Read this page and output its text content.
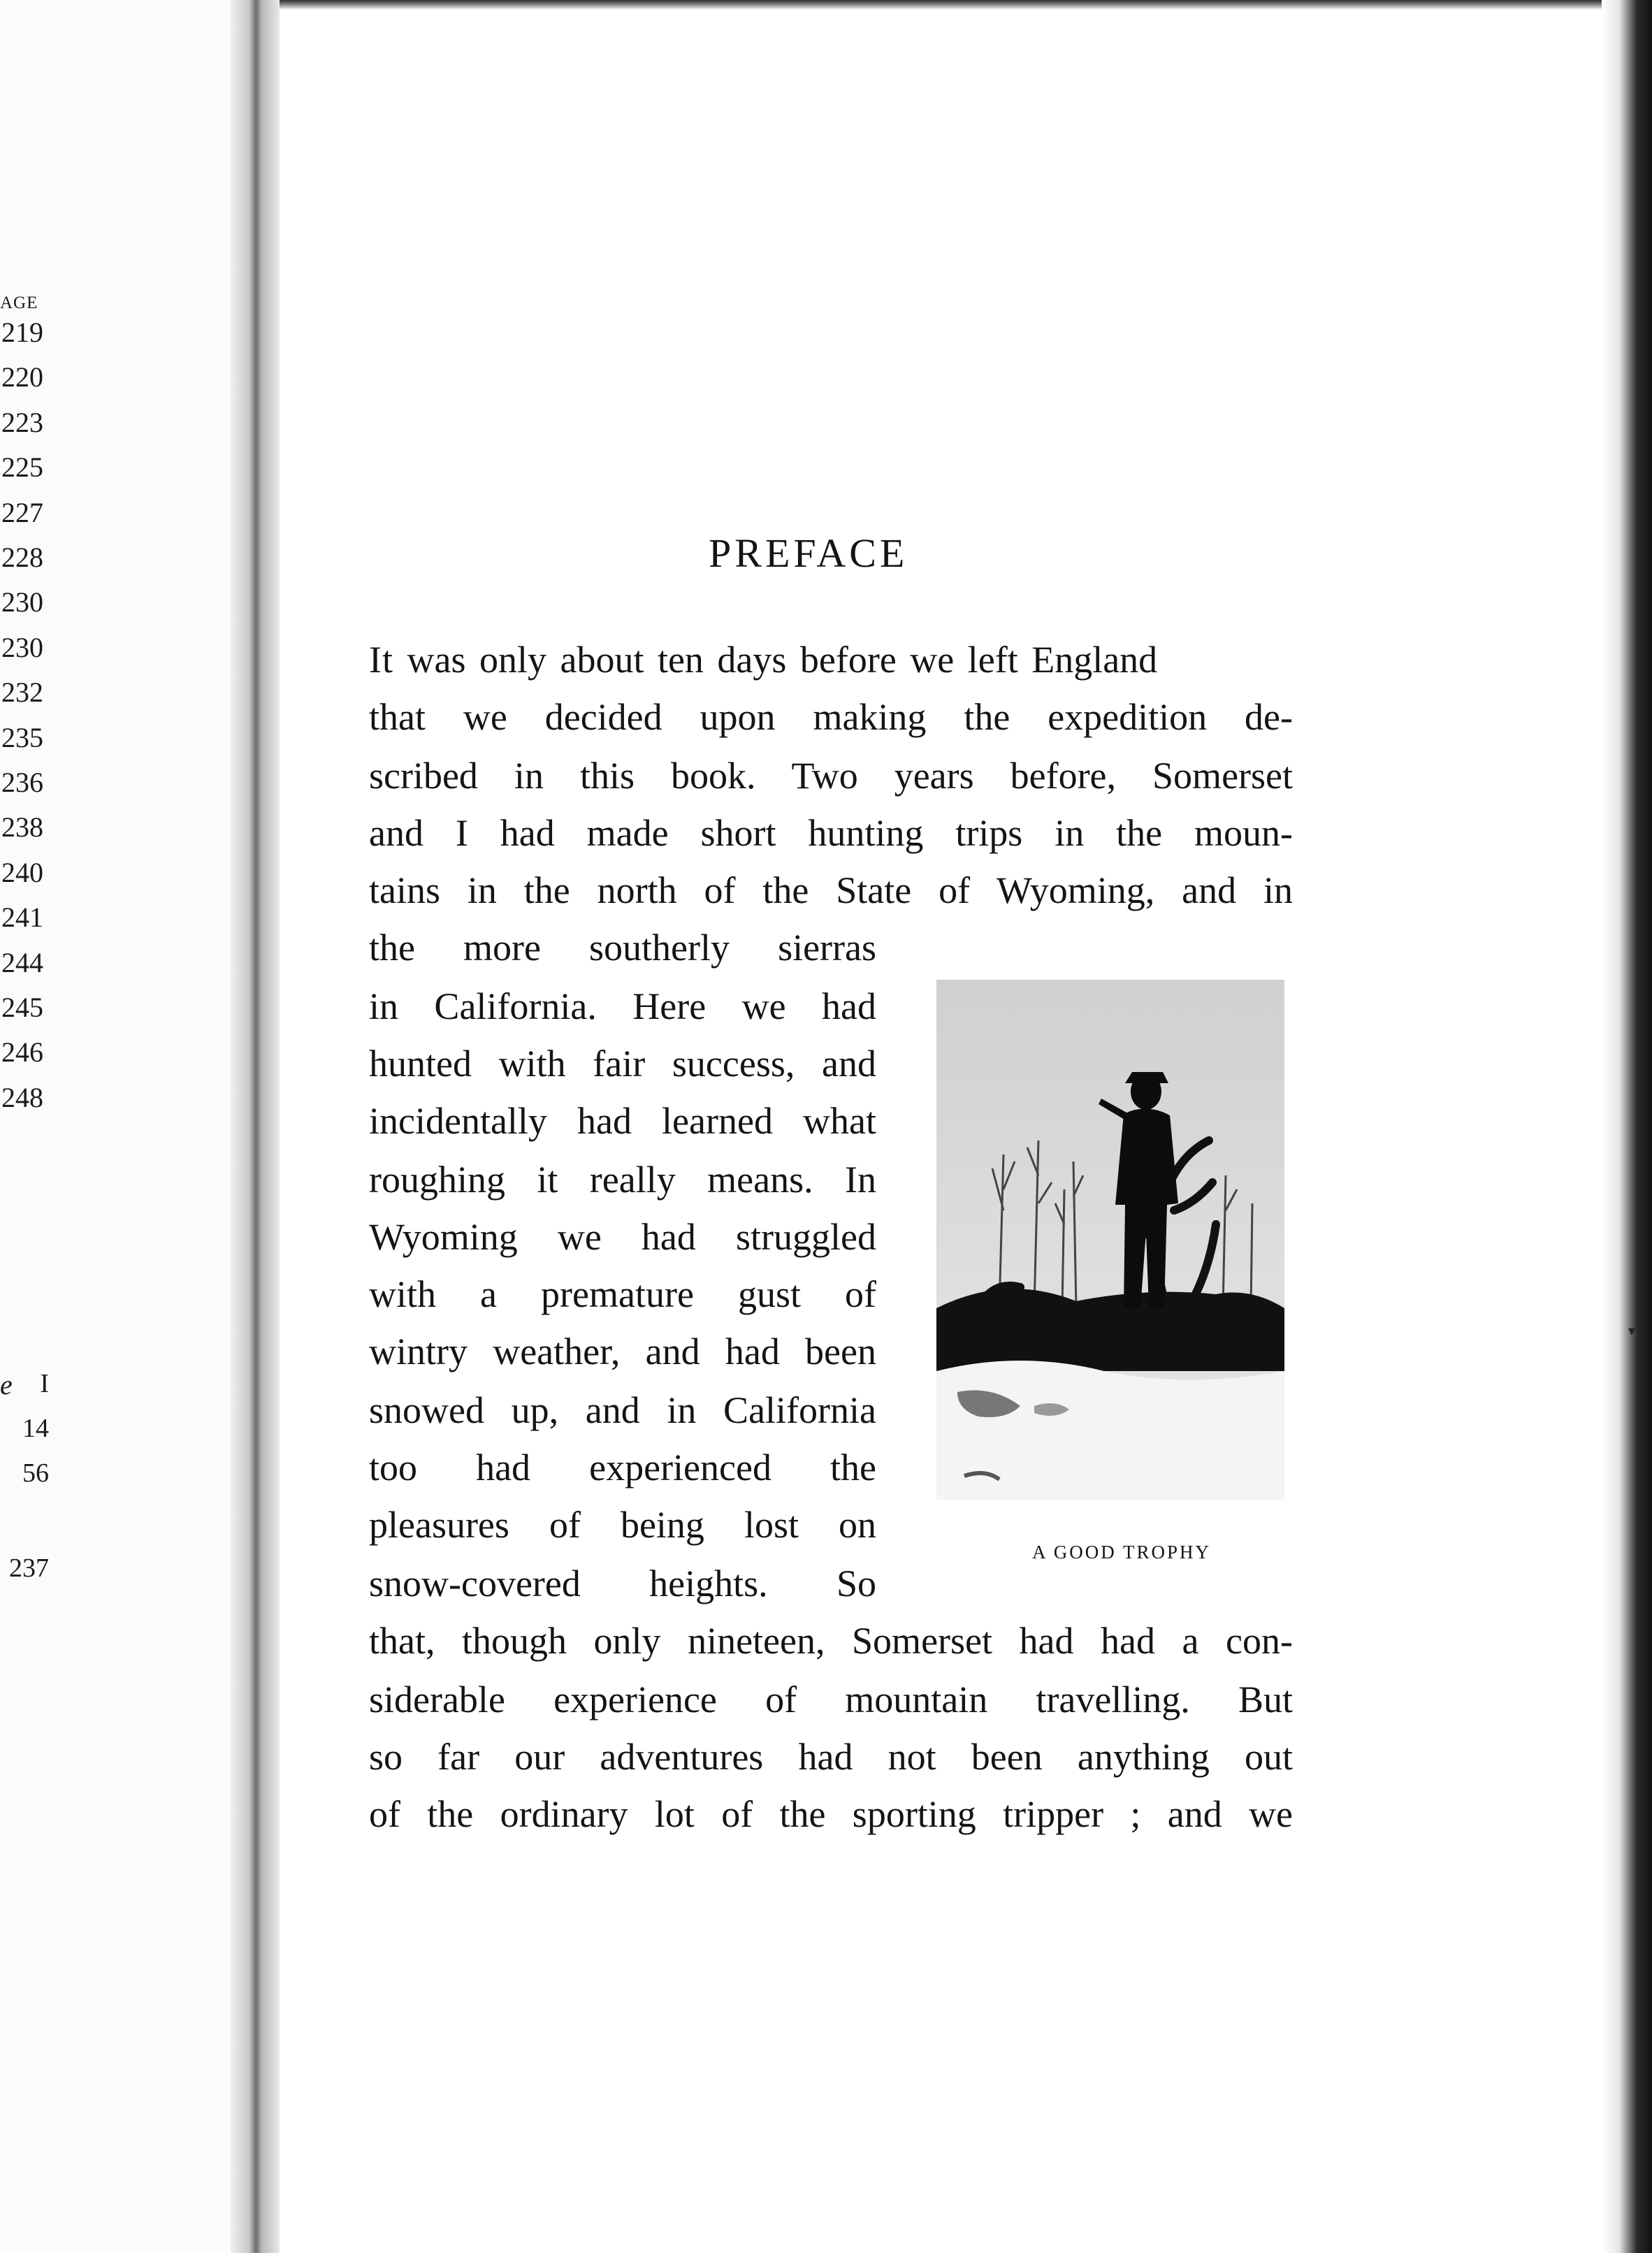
AGE
219
220
223
225
227
228
230
230
232
235
236
238
240
241
244
245
246
248
e	I
14
56
237
PREFACE
It was only about ten days before we left England
that we decided upon making the expedition de-
scribed in this book. Two years before, Somerset
and I had made short hunting trips in the moun-
tains in the north of the State of Wyoming, and in
the more southerly sierras
in California. Here we had
hunted with fair success, and
incidentally had learned what
roughing it really means. In
Wyoming we had struggled
with a premature gust of
wintry weather, and had been
snowed up, and in California
too had experienced the
pleasures of being lost on
snow-covered heights. So
that, though only nineteen, Somerset had had a con-
siderable experience of mountain travelling. But
so far our adventures had not been anything out
of the ordinary lot of the sporting tripper ; and we
A GOOD TROPHY
▾
